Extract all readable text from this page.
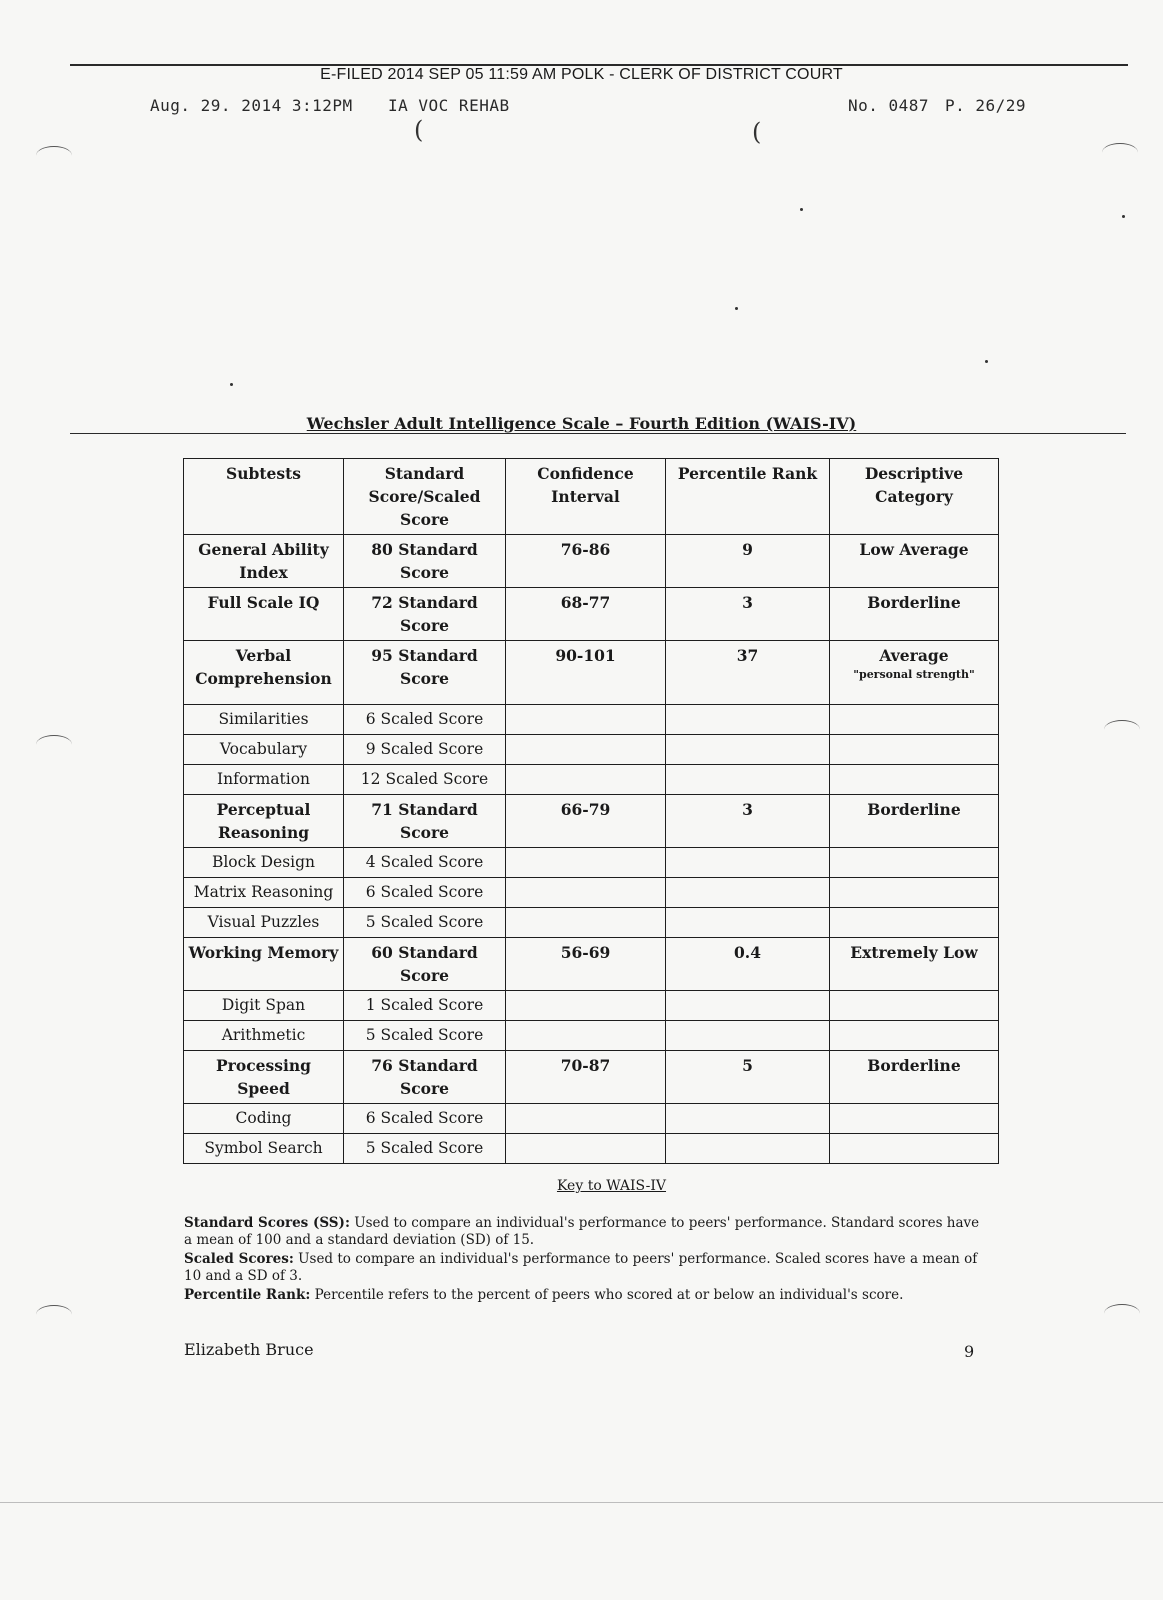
E-FILED 2014 SEP 05 11:59 AM POLK - CLERK OF DISTRICT COURT
Aug. 29. 2014 3:12PM IA VOC REHAB	No. 0487 P. 26/29
(	(
Wechsler Adult Intelligence Scale – Fourth Edition (WAIS-IV)
Subtests	Standard Score/Scaled Score	Confidence Interval	Percentile Rank	Descriptive Category
General Ability Index	80 Standard Score	76-86	9	Low Average
Full Scale IQ	72 Standard Score	68-77	3	Borderline
Verbal Comprehension	95 Standard Score	90-101	37	Average
"personal strength"

Similarities	6 Scaled Score			
Vocabulary	9 Scaled Score			
Information	12 Scaled Score			
Perceptual Reasoning	71 Standard Score	66-79	3	Borderline
Block Design	4 Scaled Score			
Matrix Reasoning	6 Scaled Score			
Visual Puzzles	5 Scaled Score			
Working Memory	60 Standard Score	56-69	0.4	Extremely Low
Digit Span	1 Scaled Score			
Arithmetic	5 Scaled Score			
Processing Speed	76 Standard Score	70-87	5	Borderline
Coding	6 Scaled Score			
Symbol Search	5 Scaled Score			
Key to WAIS-IV

Standard Scores (SS): Used to compare an individual's performance to peers' performance. Standard scores have a mean of 100 and a standard deviation (SD) of 15.

Scaled Scores: Used to compare an individual's performance to peers' performance. Scaled scores have a mean of 10 and a SD of 3.

Percentile Rank: Percentile refers to the percent of peers who scored at or below an individual's score.

Elizabeth Bruce	9
